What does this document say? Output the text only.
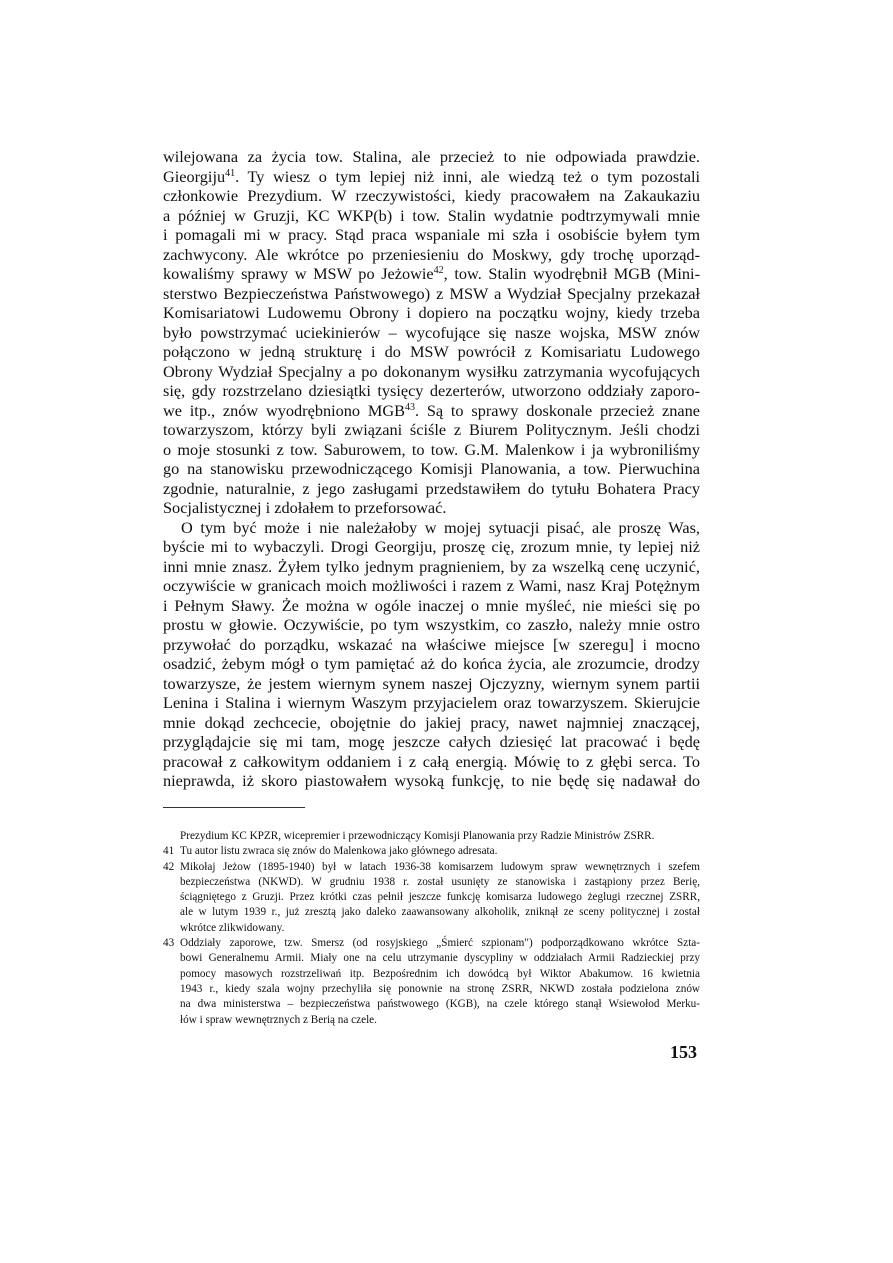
wilejowana za życia tow. Stalina, ale przecież to nie odpowiada prawdzie.
Gieorgiju$^{41}$. Ty wiesz o tym lepiej niż inni, ale wiedzą też o tym pozostali
członkowie Prezydium. W rzeczywistości, kiedy pracowałem na Zakaukaziu
a później w Gruzji, KC WKP(b) i tow. Stalin wydatnie podtrzymywali mnie
i pomagali mi w pracy. Stąd praca wspaniale mi szła i osobiście byłem tym
zachwycony. Ale wkrótce po przeniesieniu do Moskwy, gdy trochę uporząd-
kowaliśmy sprawy w MSW po Jeżowie$^{42}$, tow. Stalin wyodrębnił MGB (Mini-
sterstwo Bezpieczeństwa Państwowego) z MSW a Wydział Specjalny przekazał
Komisariatowi Ludowemu Obrony i dopiero na początku wojny, kiedy trzeba
było powstrzymać uciekinierów – wycofujące się nasze wojska, MSW znów
połączono w jedną strukturę i do MSW powrócił z Komisariatu Ludowego
Obrony Wydział Specjalny a po dokonanym wysiłku zatrzymania wycofujących
się, gdy rozstrzelano dziesiątki tysięcy dezerterów, utworzono oddziały zaporo-
we itp., znów wyodrębniono MGB$^{43}$. Są to sprawy doskonale przecież znane
towarzyszom, którzy byli związani ściśle z Biurem Politycznym. Jeśli chodzi
o moje stosunki z tow. Saburowem, to tow. G.M. Malenkow i ja wybroniliśmy
go na stanowisku przewodniczącego Komisji Planowania, a tow. Pierwuchina
zgodnie, naturalnie, z jego zasługami przedstawiłem do tytułu Bohatera Pracy
Socjalistycznej i zdołałem to przeforsować.
O tym być może i nie należałoby w mojej sytuacji pisać, ale proszę Was,
byście mi to wybaczyli. Drogi Georgiju, proszę cię, zrozum mnie, ty lepiej niż
inni mnie znasz. Żyłem tylko jednym pragnieniem, by za wszelką cenę uczynić,
oczywiście w granicach moich możliwości i razem z Wami, nasz Kraj Potężnym
i Pełnym Sławy. Że można w ogóle inaczej o mnie myśleć, nie mieści się po
prostu w głowie. Oczywiście, po tym wszystkim, co zaszło, należy mnie ostro
przywołać do porządku, wskazać na właściwe miejsce [w szeregu] i mocno
osadzić, żebym mógł o tym pamiętać aż do końca życia, ale zrozumcie, drodzy
towarzysze, że jestem wiernym synem naszej Ojczyzny, wiernym synem partii
Lenina i Stalina i wiernym Waszym przyjacielem oraz towarzyszem. Skierujcie
mnie dokąd zechcecie, obojętnie do jakiej pracy, nawet najmniej znaczącej,
przyglądajcie się mi tam, mogę jeszcze całych dziesięć lat pracować i będę
pracował z całkowitym oddaniem i z całą energią. Mówię to z głębi serca. To
nieprawda, iż skoro piastowałem wysoką funkcję, to nie będę się nadawał do
Prezydium KC KPZR, wicepremier i przewodniczący Komisji Planowania przy Radzie Ministrów ZSRR.
41 Tu autor listu zwraca się znów do Malenkowa jako głównego adresata.
42 Mikołaj Jeżow (1895-1940) był w latach 1936-38 komisarzem ludowym spraw wewnętrznych i szefem
bezpieczeństwa (NKWD). W grudniu 1938 r. został usunięty ze stanowiska i zastąpiony przez Berię,
ściągniętego z Gruzji. Przez krótki czas pełnił jeszcze funkcję komisarza ludowego żeglugi rzecznej ZSRR,
ale w lutym 1939 r., już zresztą jako daleko zaawansowany alkoholik, zniknął ze sceny politycznej i został
wkrótce zlikwidowany.
43 Oddziały zaporowe, tzw. Smersz (od rosyjskiego „Śmierć szpionam") podporządkowano wkrótce Szta-
bowi Generalnemu Armii. Miały one na celu utrzymanie dyscypliny w oddziałach Armii Radzieckiej przy
pomocy masowych rozstrzeliwań itp. Bezpośrednim ich dowódcą był Wiktor Abakumow. 16 kwietnia
1943 r., kiedy szala wojny przechyliła się ponownie na stronę ZSRR, NKWD została podzielona znów
na dwa ministerstwa – bezpieczeństwa państwowego (KGB), na czele którego stanął Wsiewołod Merku-
łów i spraw wewnętrznych z Berią na czele.
153
